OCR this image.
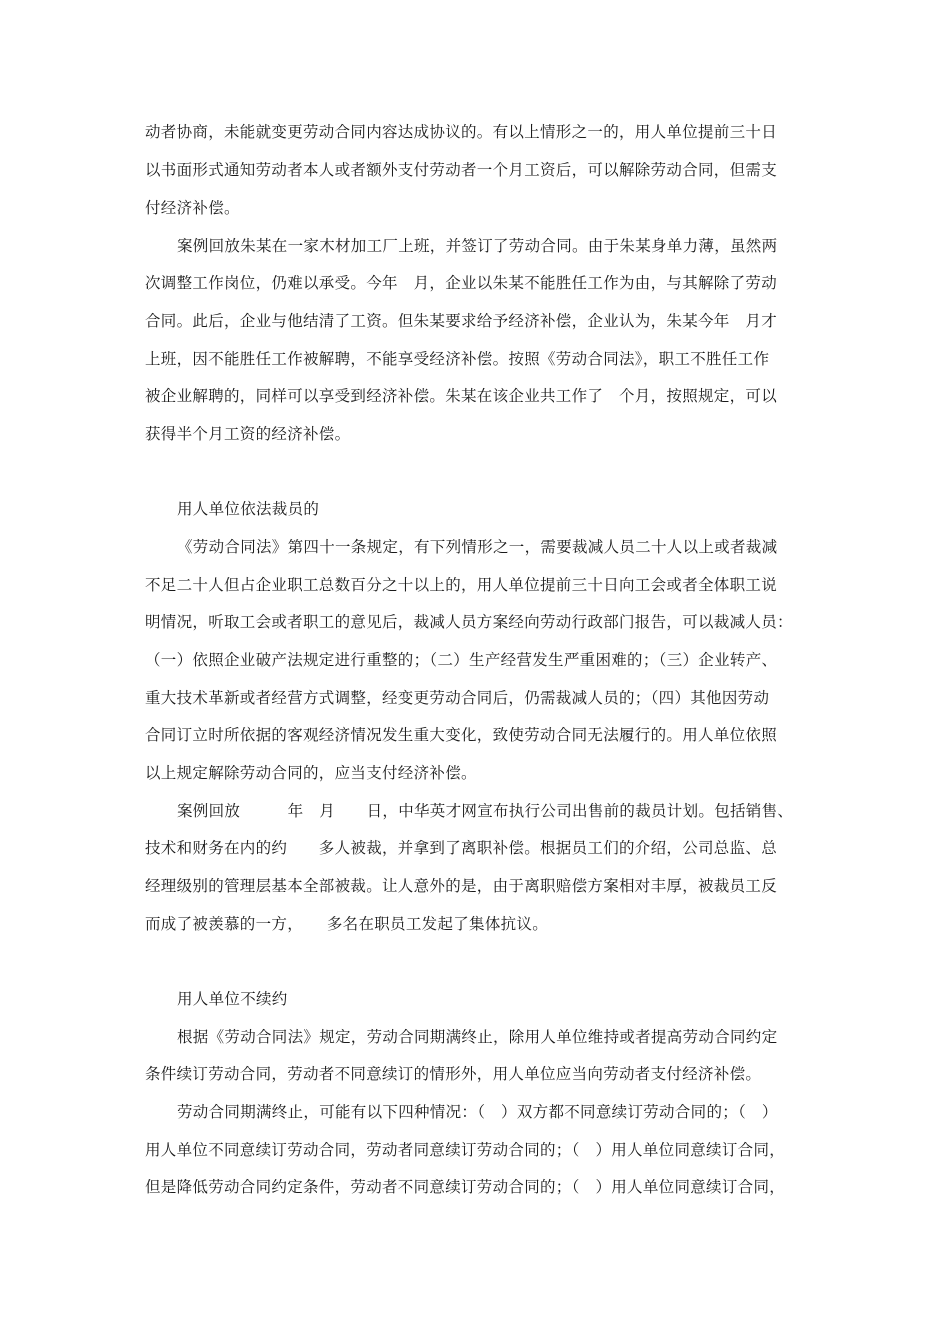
动者协商，未能就变更劳动合同内容达成协议的。有以上情形之一的，用人单位提前三十日
以书面形式通知劳动者本人或者额外支付劳动者一个月工资后，可以解除劳动合同，但需支
付经济补偿。
案例回放朱某在一家木材加工厂上班，并签订了劳动合同。由于朱某身单力薄，虽然两
次调整工作岗位，仍难以承受。今年　月，企业以朱某不能胜任工作为由，与其解除了劳动
合同。此后，企业与他结清了工资。但朱某要求给予经济补偿，企业认为，朱某今年　月才
上班，因不能胜任工作被解聘，不能享受经济补偿。按照《劳动合同法》，职工不胜任工作
被企业解聘的，同样可以享受到经济补偿。朱某在该企业共工作了　个月，按照规定，可以
获得半个月工资的经济补偿。
用人单位依法裁员的
《劳动合同法》第四十一条规定，有下列情形之一，需要裁减人员二十人以上或者裁减
不足二十人但占企业职工总数百分之十以上的，用人单位提前三十日向工会或者全体职工说
明情况，听取工会或者职工的意见后，裁减人员方案经向劳动行政部门报告，可以裁减人员：
（一）依照企业破产法规定进行重整的；（二）生产经营发生严重困难的；（三）企业转产、
重大技术革新或者经营方式调整，经变更劳动合同后，仍需裁减人员的；（四）其他因劳动
合同订立时所依据的客观经济情况发生重大变化，致使劳动合同无法履行的。用人单位依照
以上规定解除劳动合同的，应当支付经济补偿。
案例回放　　　年　月　　日，中华英才网宣布执行公司出售前的裁员计划。包括销售、
技术和财务在内的约　　多人被裁，并拿到了离职补偿。根据员工们的介绍，公司总监、总
经理级别的管理层基本全部被裁。让人意外的是，由于离职赔偿方案相对丰厚，被裁员工反
而成了被羡慕的一方，　　多名在职员工发起了集体抗议。
用人单位不续约
根据《劳动合同法》规定，劳动合同期满终止，除用人单位维持或者提高劳动合同约定
条件续订劳动合同，劳动者不同意续订的情形外，用人单位应当向劳动者支付经济补偿。
劳动合同期满终止，可能有以下四种情况：（　）双方都不同意续订劳动合同的；（　）
用人单位不同意续订劳动合同，劳动者同意续订劳动合同的；（　）用人单位同意续订合同，
但是降低劳动合同约定条件，劳动者不同意续订劳动合同的；（　）用人单位同意续订合同，
